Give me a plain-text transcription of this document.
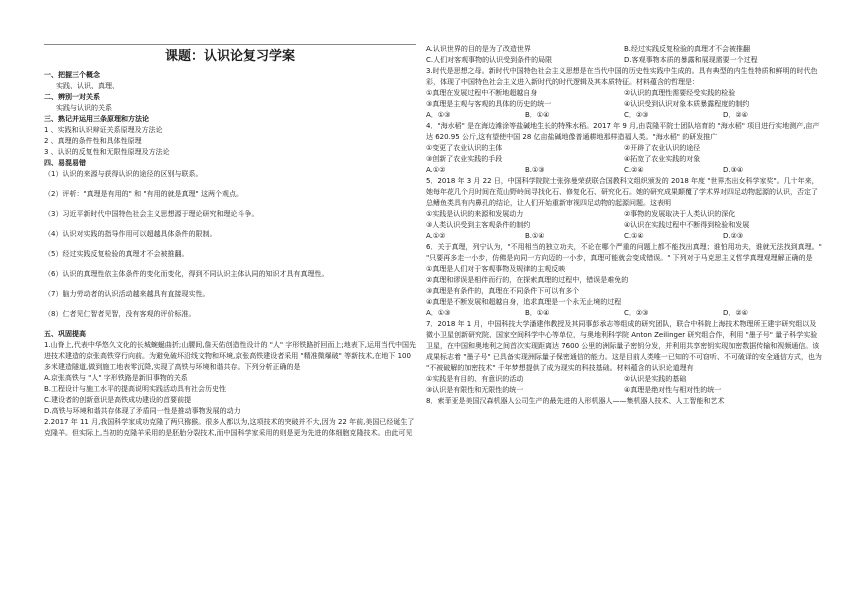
课题：认识论复习学案

一、把握三个概念

实践、认识、真理、

二、辨别一对关系

实践与认识的关系

三、熟记并运用三条原理和方法论

1 、实践和认识辩证关系原理及方法论

2 、真理的条件性和具体性原理

3 、认识的反复性和无限性原理及方法论

四、易混易错

（1）认识的来源与获得认识的途径的区别与联系。

（2）评析："真理是有用的" 和 "有用的就是真理" 这两个观点。

（3）习近平新时代中国特色社会主义思想源于理论研究和理论斗争。

（4）认识对实践的指导作用可以超越具体条件的限制。

（5）经过实践反复检验的真理才不会被推翻。

（6）认识的真理性依主体条件的变化而变化，得到不同认识主体认同的知识才具有真理性。

（7）脑力劳动者的认识活动越来越具有直接现实性。

（8）仁者见仁智者见智，没有客观的评价标准。

五、巩固提高

1.山脊上,代表中华悠久文化的长城蜿蜒曲折;山腰间,詹天佑创造性设计的 "人" 字形铁路折回而上;地表下,运用当代中国先进技术建造的京张高铁穿行向前。为避免破坏沿线文物和环境,京张高铁建设者采用 "精准微爆破" 等新技术,在地下 100 多米建造隧道,做到施工地表零沉降,实现了高铁与环境和谐共存。下列分析正确的是

A.京张高铁与 "人" 字形铁路是新旧事物的关系

B.工程设计与施工水平的提高说明实践活动具有社会历史性

C.建设者的创新意识是高铁成功建设的首要前提

D.高铁与环境和谐共存体现了矛盾同一性是推动事物发展的动力

2.2017 年 11 月,我国科学家成功克隆了两只猕猴。很多人都以为,这项技术的突破并不大,因为 22 年前,美国已经诞生了克隆羊。但实际上,当初的克隆羊采用的是胚胎分裂技术,而中国科学家采用的则是更为先进的体细胞克隆技术。由此可见

A.认识世界的目的是为了改造世界	B.经过实践反复检验的真理才不会被推翻
C.人们对客观事物的认识受到条件的局限	D.客观事物本质的暴露和展现需要一个过程

3.时代是思想之母。新时代中国特色社会主义思想是在当代中国的历史性实践中生成的。具有典型的内生性特质和鲜明的时代色彩，体现了中国特色社会主义进入新时代的时代逻辑及其本质特征。材料蕴含的哲理是：

①真理在发展过程中不断地超越自身	②认识的真理性需要经受实践的检验
③真理是主观与客观的具体的历史的统一	④认识受到认识对象本质暴露程度的制约
A．①③	B．①④	C．②③	D．②④

4．"海水稻" 是在海边滩涂等盐碱地生长的特殊水稻。2017 年 9 月,由袁隆平院士团队培育的 "海水稻" 项目进行实地测产,亩产达 620.95 公斤,这有望使中国 28 亿亩盐碱地像普通耕地那样造福人类。"海水稻" 的研发推广

①变更了农业认识的主体	②开辟了农业认识的途径
③创新了农业实践的手段	④拓宽了农业实践的对象
A.①②	B.①③	C.②④	D.③④

5．2018 年 3 月 22 日，中国科学院院士张弥曼荣获联合国教科文组织颁发的 2018 年度 "世界杰出女科学家奖"。几十年来，她每年花几个月时间在荒山野岭间寻找化石、修复化石、研究化石。她的研究成果颠覆了学术界对四足动物起源的认识，否定了总鳍鱼类具有内鼻孔的结论，让人们开始重新审视四足动物的起源问题。这表明

①实践是认识的来源和发展动力	②事物的发展取决于人类认识的深化
③人类认识受到主客观条件的制约	④认识在实践过程中不断得到检验和发展
A.①②	B.①④	C.①④	D.②③

6．关于真理，列宁认为，"不用相当的独立功夫，不论在哪个严重的问题上都不能找出真理；谁怕用功夫，谁就无法找到真理。" "只要再多走一小步，仿佛是向同一方向迈的一小步，真理可能就会变成错误。" 下列对于马克思主义哲学真理观理解正确的是

①真理是人们对于客观事物及规律的主观反映

②真理和谬误是相伴而行的，在探索真理的过程中，错误是难免的

③真理是有条件的，真理在不同条件下可以有多个

④真理是不断发展和超越自身，追求真理是一个永无止境的过程

A．①③	B．①④	C．②③	D．②④

7．2018 年 1 月，中国科技大学潘建伟教授及其同事彭承志等组成的研究团队，联合中科院上海技术物理所王建宇研究组以及微小卫星创新研究院、国家空间科学中心等单位，与奥地利科学院 Anton Zeilinger 研究组合作，利用 "墨子号" 量子科学实验卫星，在中国和奥地利之间首次实现距离达 7600 公里的洲际量子密钥分发，并利用共享密钥实现加密数据传输和视频通信。该成果标志着 "墨子号" 已具备实现洲际量子保密通信的能力。这是目前人类唯一已知的不可窃听、不可破译的安全通信方式，也为 "不被破解的加密技术" 千年梦想提供了成为现实的科技基础。材料蕴含的认识论道理有

①实践是有目的、有意识的活动	②认识是实践的基础
③认识是有限性和无限性的统一	④真理是绝对性与相对性的统一

8．索菲亚是美国汉森机器人公司生产的最先进的人形机器人——集机器人技术、人工智能和艺术
